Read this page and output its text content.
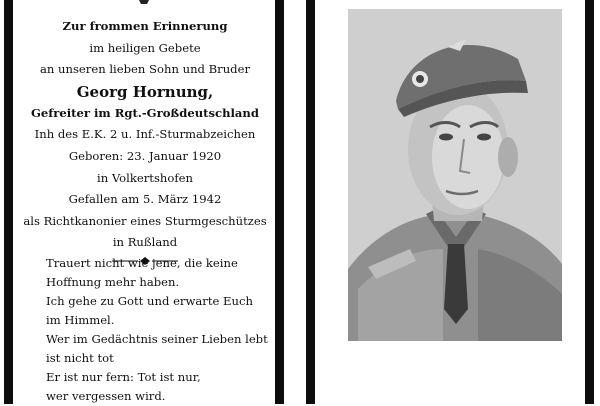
Zur frommen Erinnerung
im heiligen Gebete
an unseren lieben Sohn und Bruder
Georg Hornung,
Gefreiter im Rgt.-Großdeutschland
Inh des E.K. 2 u. Inf.-Sturmabzeichen
Geboren: 23. Januar 1920
in Volkertshofen
Gefallen am 5. März 1942
als Richtkanonier eines Sturmgeschützes
in Rußland
Trauert nicht wie jene, die keine
Hoffnung mehr haben.
Ich gehe zu Gott und erwarte Euch
im Himmel.
Wer im Gedächtnis seiner Lieben lebt
ist nicht tot
Er ist nur fern: Tot ist nur,
wer vergessen wird.
